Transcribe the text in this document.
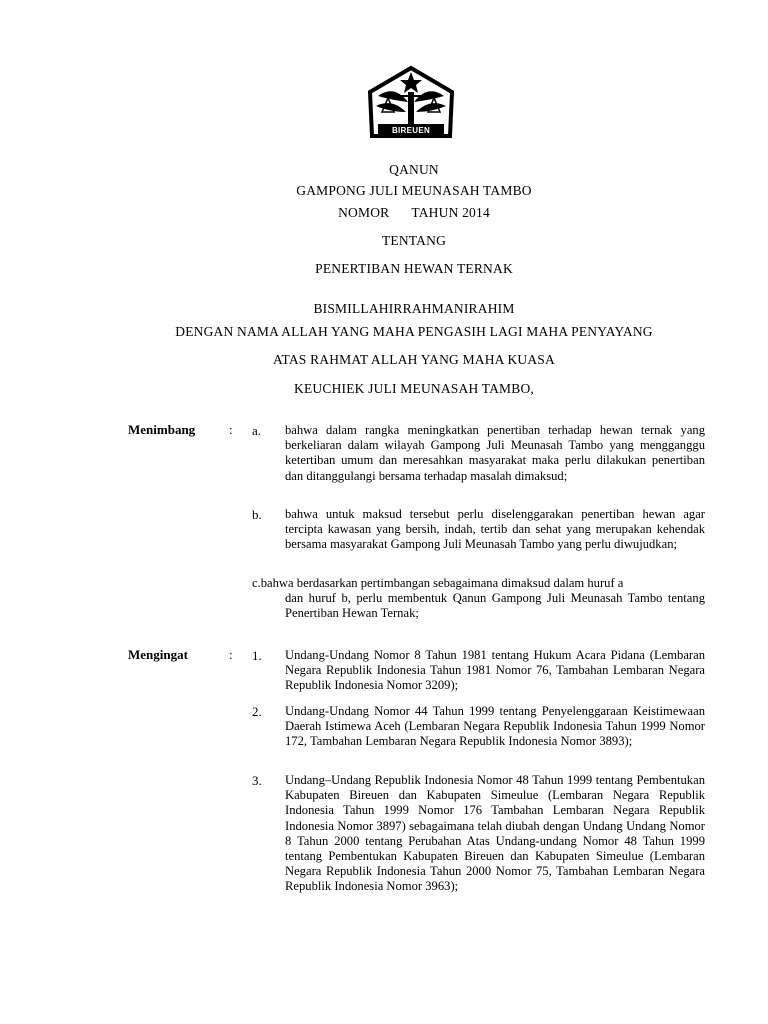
BIREUEN
QANUN
GAMPONG JULI MEUNASAH TAMBO
NOMOR TAHUN 2014
TENTANG
PENERTIBAN HEWAN TERNAK
BISMILLAHIRRAHMANIRAHIM
DENGAN NAMA ALLAH YANG MAHA PENGASIH LAGI MAHA PENYAYANG
ATAS RAHMAT ALLAH YANG MAHA KUASA
KEUCHIEK JULI MEUNASAH TAMBO,
Menimbang	: a. bahwa dalam rangka meningkatkan penertiban terhadap hewan ternak yang berkeliaran dalam wilayah Gampong Juli Meunasah Tambo yang mengganggu ketertiban umum dan meresahkan masyarakat maka perlu dilakukan penertiban dan ditanggulangi bersama terhadap masalah dimaksud;
b. bahwa untuk maksud tersebut perlu diselenggarakan penertiban hewan agar tercipta kawasan yang bersih, indah, tertib dan sehat yang merupakan kehendak bersama masyarakat Gampong Juli Meunasah Tambo yang perlu diwujudkan;
c.bahwa berdasarkan pertimbangan sebagaimana dimaksud dalam huruf a
dan huruf b, perlu membentuk Qanun Gampong Juli Meunasah Tambo tentang Penertiban Hewan Ternak;
Mengingat	: 1. Undang-Undang Nomor 8 Tahun 1981 tentang Hukum Acara Pidana (Lembaran Negara Republik Indonesia Tahun 1981 Nomor 76, Tambahan Lembaran Negara Republik Indonesia Nomor 3209);
2. Undang-Undang Nomor 44 Tahun 1999 tentang Penyelenggaraan Keistimewaan Daerah Istimewa Aceh (Lembaran Negara Republik Indonesia Tahun 1999 Nomor 172, Tambahan Lembaran Negara Republik Indonesia Nomor 3893);
3. Undang–Undang Republik Indonesia Nomor 48 Tahun 1999 tentang Pembentukan Kabupaten Bireuen dan Kabupaten Simeulue (Lembaran Negara Republik Indonesia Tahun 1999 Nomor 176 Tambahan Lembaran Negara Republik Indonesia Nomor 3897) sebagaimana telah diubah dengan Undang Undang Nomor 8 Tahun 2000 tentang Perubahan Atas Undang-undang Nomor 48 Tahun 1999 tentang Pembentukan Kabupaten Bireuen dan Kabupaten Simeulue (Lembaran Negara Republik Indonesia Tahun 2000 Nomor 75, Tambahan Lembaran Negara Republik Indonesia Nomor 3963);
